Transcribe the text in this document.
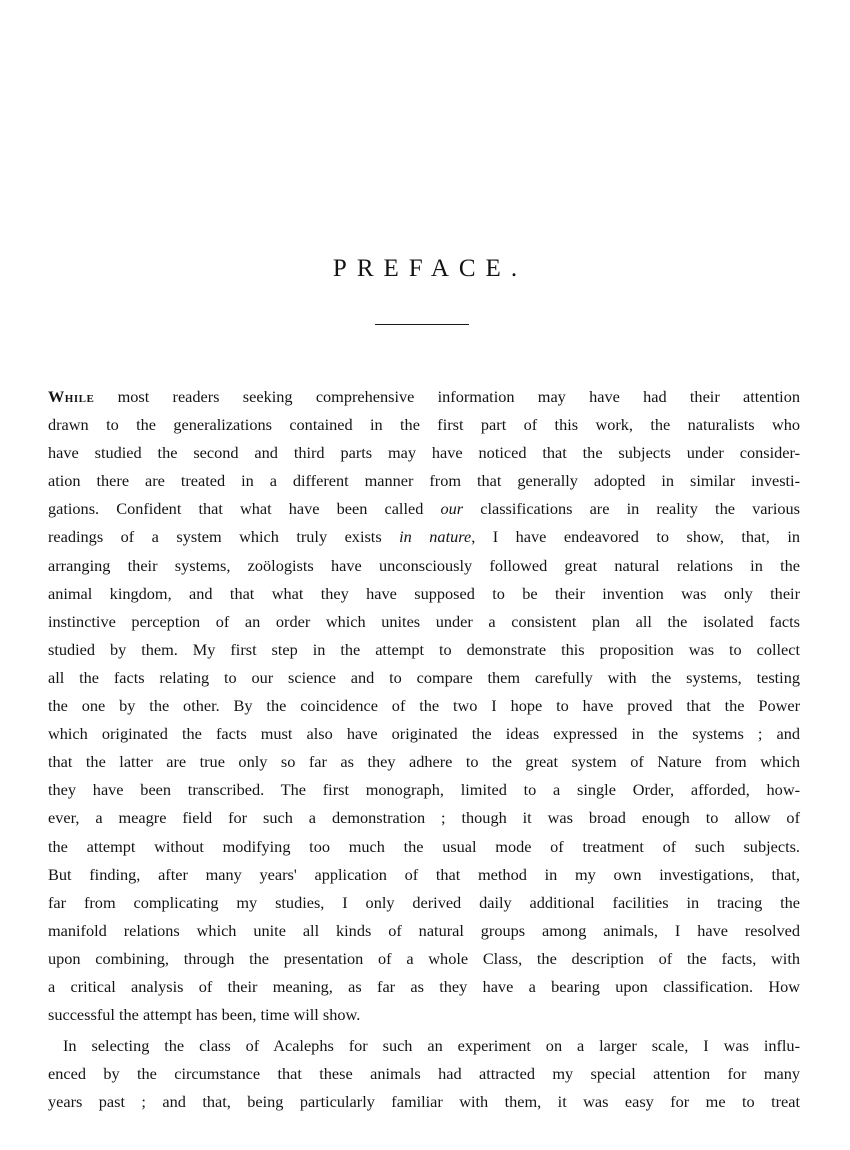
PREFACE.
While most readers seeking comprehensive information may have had their attention
drawn to the generalizations contained in the first part of this work, the naturalists who
have studied the second and third parts may have noticed that the subjects under consider-
ation there are treated in a different manner from that generally adopted in similar investi-
gations. Confident that what have been called our classifications are in reality the various
readings of a system which truly exists in nature, I have endeavored to show, that, in
arranging their systems, zoölogists have unconsciously followed great natural relations in the
animal kingdom, and that what they have supposed to be their invention was only their
instinctive perception of an order which unites under a consistent plan all the isolated facts
studied by them. My first step in the attempt to demonstrate this proposition was to collect
all the facts relating to our science and to compare them carefully with the systems, testing
the one by the other. By the coincidence of the two I hope to have proved that the Power
which originated the facts must also have originated the ideas expressed in the systems ; and
that the latter are true only so far as they adhere to the great system of Nature from which
they have been transcribed. The first monograph, limited to a single Order, afforded, how-
ever, a meagre field for such a demonstration ; though it was broad enough to allow of
the attempt without modifying too much the usual mode of treatment of such subjects.
But finding, after many years' application of that method in my own investigations, that,
far from complicating my studies, I only derived daily additional facilities in tracing the
manifold relations which unite all kinds of natural groups among animals, I have resolved
upon combining, through the presentation of a whole Class, the description of the facts, with
a critical analysis of their meaning, as far as they have a bearing upon classification. How
successful the attempt has been, time will show.
In selecting the class of Acalephs for such an experiment on a larger scale, I was influ-
enced by the circumstance that these animals had attracted my special attention for many
years past ; and that, being particularly familiar with them, it was easy for me to treat
